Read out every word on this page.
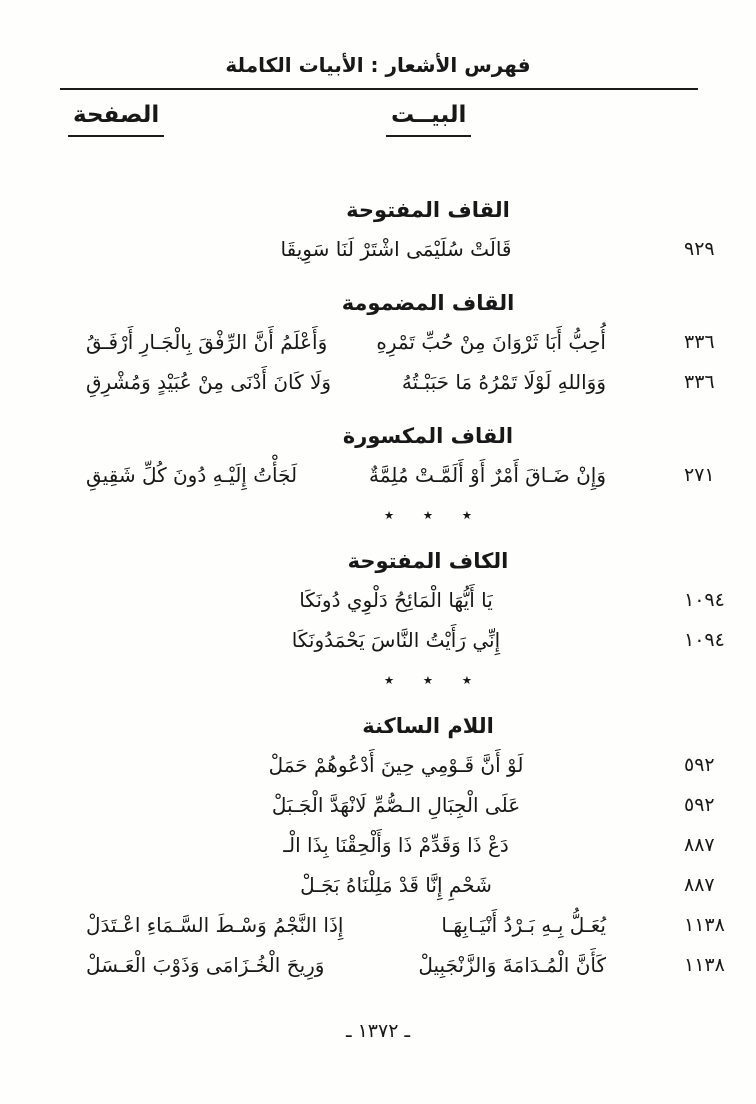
فهرس الأشعار : الأبيات الكاملة
البيــت
الصفحة
القاف المفتوحة
٩٢٩
قَالَتْ سُلَيْمَى اشْتَرْ لَنَا سَوِيقَا
القاف المضمومة
٣٣٦
أُحِبُّ أَبَا ثَرْوَانَ مِنْ حُبِّ تَمْرِهِ
وَأَعْلَمُ أَنَّ الرِّفْقَ بِالْجَـارِ أَرْفَـقُ
٣٣٦
وَوَاللهِ لَوْلَا تَمْرُهُ مَا حَبَبْـتُهُ
وَلَا كَانَ أَدْنَى مِنْ عُبَيْدٍ وَمُشْرِقِ
القاف المكسورة
٢٧١
وَإِنْ ضَـاقَ أَمْرٌ أَوْ أَلَمَّـتْ مُلِمَّةٌ
لَجَأْتُ إِلَيْـهِ دُونَ كُلِّ شَقِيقِ
٭ ٭ ٭
الكاف المفتوحة
١٠٩٤
يَا أَيُّهَا الْمَائِحُ دَلْوِي دُونَكَا
١٠٩٤
إِنِّي رَأَيْتُ النَّاسَ يَحْمَدُونَكَا
٭ ٭ ٭
اللام الساكنة
٥٩٢
لَوْ أَنَّ قَـوْمِي حِينَ أَدْعُوهُمْ حَمَلْ
٥٩٢
عَلَى الْجِبَالِ الـصُّمِّ لَانْهَدَّ الْجَـبَلْ
٨٨٧
دَعْ ذَا وَقَدِّمْ ذَا وَأَلْحِقْنَا بِذَا الْـ
٨٨٧
شَحْمِ إِنَّا قَدْ مَلِلْنَاهُ بَجَـلْ
١١٣٨
يُعَـلُّ بِـهِ بَـرْدُ أَنْيَـابِهَـا
إِذَا النَّجْمُ وَسْـطَ السَّـمَاءِ اعْـتَدَلْ
١١٣٨
كَأَنَّ الْمُـدَامَةَ وَالزَّنْجَبِيلْ
وَرِيحَ الْخُـزَامَى وَذَوْبَ الْعَـسَلْ
ـ ١٣٧٢ ـ
